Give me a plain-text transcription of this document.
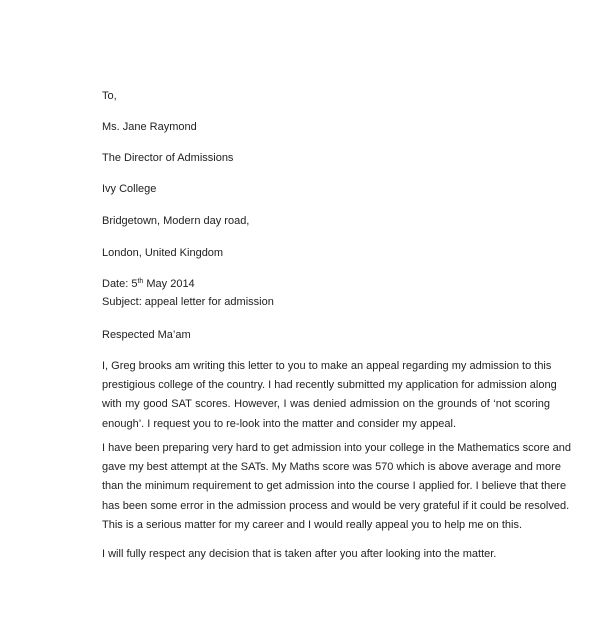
To,
Ms. Jane Raymond
The Director of Admissions
Ivy College
Bridgetown, Modern day road,
London, United Kingdom
Date: 5th May 2014
Subject: appeal letter for admission
Respected Ma’am
I, Greg brooks am writing this letter to you to make an appeal regarding my admission to this
prestigious college of the country. I had recently submitted my application for admission along
with my good SAT scores. However, I was denied admission on the grounds of ‘not scoring
enough’. I request you to re-look into the matter and consider my appeal.
I have been preparing very hard to get admission into your college in the Mathematics score and
gave my best attempt at the SATs. My Maths score was 570 which is above average and more
than the minimum requirement to get admission into the course I applied for. I believe that there
has been some error in the admission process and would be very grateful if it could be resolved.
This is a serious matter for my career and I would really appeal you to help me on this.
I will fully respect any decision that is taken after you after looking into the matter.
